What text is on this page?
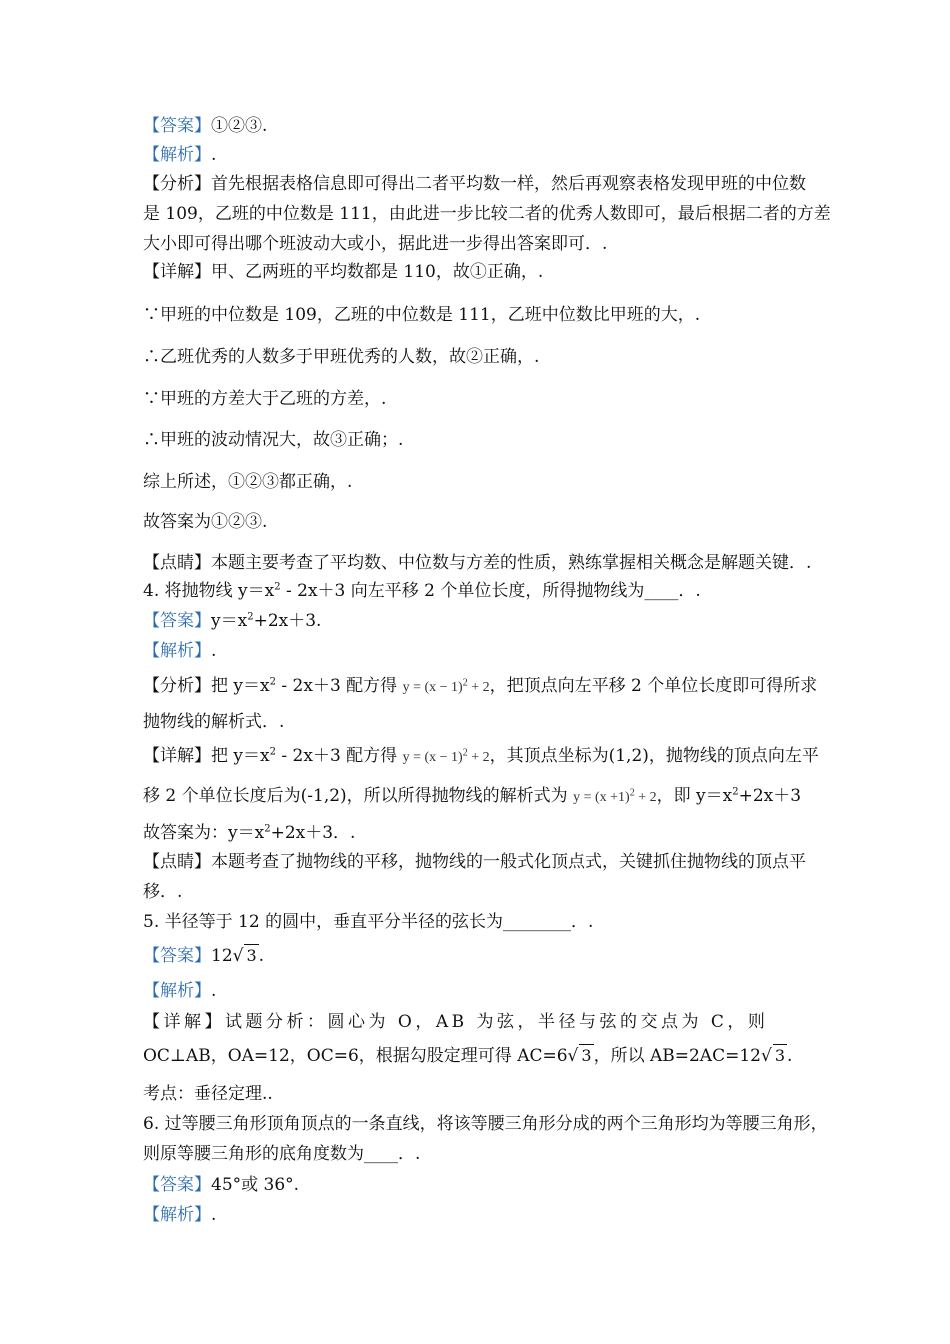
【答案】①②③.
【解析】.
【分析】首先根据表格信息即可得出二者平均数一样，然后再观察表格发现甲班的中位数
是 109，乙班的中位数是 111，由此进一步比较二者的优秀人数即可，最后根据二者的方差
大小即可得出哪个班波动大或小，据此进一步得出答案即可．.
【详解】甲、乙两班的平均数都是 110，故①正确，.
∵甲班的中位数是 109，乙班的中位数是 111，乙班中位数比甲班的大，.
∴乙班优秀的人数多于甲班优秀的人数，故②正确，.
∵甲班的方差大于乙班的方差，.
∴甲班的波动情况大，故③正确；.
综上所述，①②③都正确，.
故答案为①②③.
【点睛】本题主要考查了平均数、中位数与方差的性质，熟练掌握相关概念是解题关键．.
4. 将抛物线 $y=x^2 - 2x+3$ 向左平移 2 个单位长度，所得抛物线为____．.
【答案】$y=x^2+2x+3$.
【解析】.
【分析】把 $y=x^2 - 2x+3$ 配方得 $y = (x - 1)^2 + 2$，把顶点向左平移 2 个单位长度即可得所求
抛物线的解析式．.
【详解】把 $y=x^2 - 2x+3$ 配方得 $y = (x - 1)^2 + 2$，其顶点坐标为(1,2)，抛物线的顶点向左平
移 2 个单位长度后为(-1,2)，所以所得抛物线的解析式为 $y = (x +1)^2 + 2$，即 $y=x^2+2x+3$
故答案为：$y=x^2+2x+3$．.
【点睛】本题考查了抛物线的平移，抛物线的一般式化顶点式，关键抓住抛物线的顶点平
移．.
5. 半径等于 12 的圆中，垂直平分半径的弦长为________．.
【答案】12√ 3 .
【解析】.
【详解】试题分析：圆心为 O，AB 为弦，半径与弦的交点为 C，则
OC⊥AB，OA=12，OC=6，根据勾股定理可得 AC=6√ 3 ，所以 AB=2AC=12√ 3 .
考点：垂径定理..
6. 过等腰三角形顶角顶点的一条直线，将该等腰三角形分成的两个三角形均为等腰三角形，
则原等腰三角形的底角度数为____．.
【答案】45°或 36°.
【解析】.
